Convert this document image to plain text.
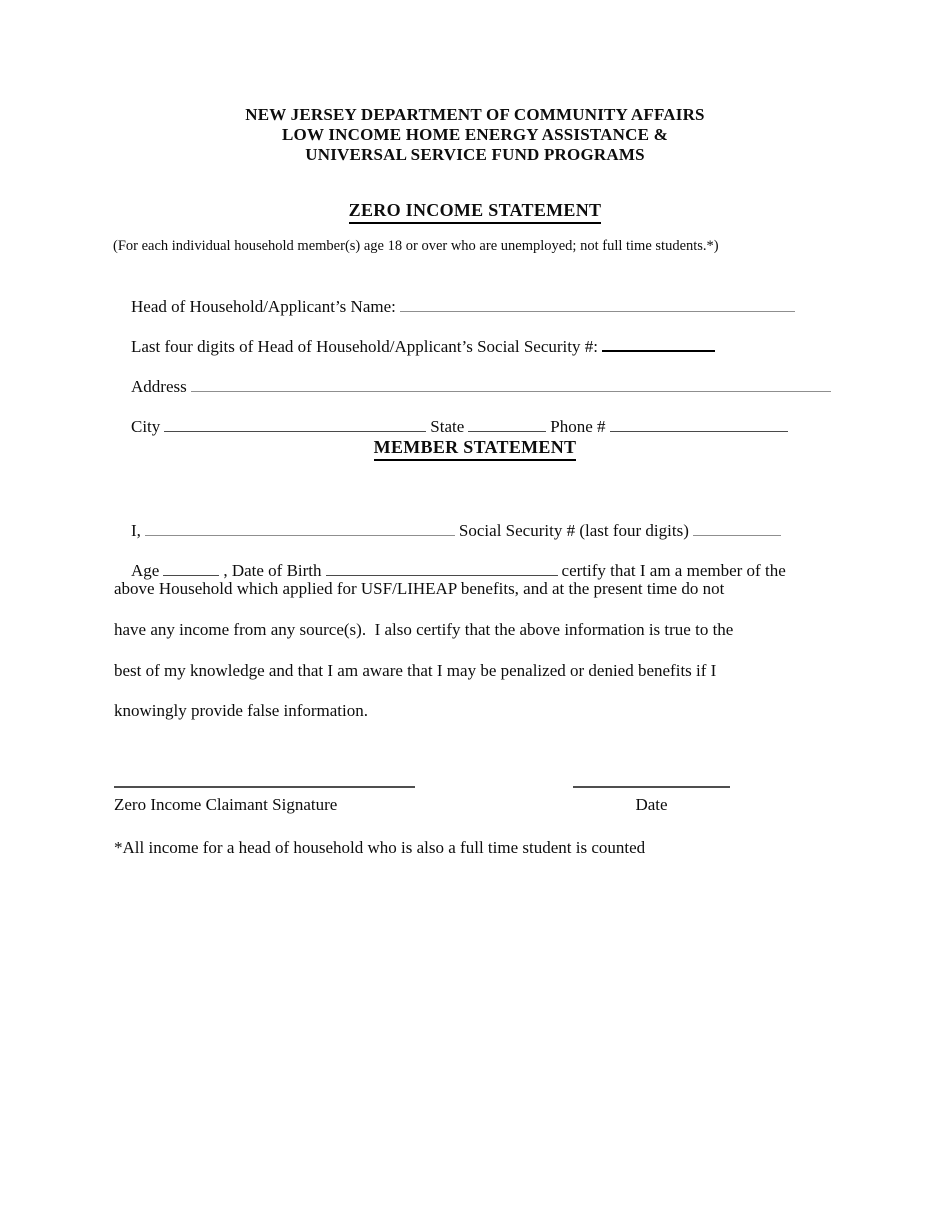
NEW JERSEY DEPARTMENT OF COMMUNITY AFFAIRS
LOW INCOME HOME ENERGY ASSISTANCE &
UNIVERSAL SERVICE FUND PROGRAMS
ZERO INCOME STATEMENT
(For each individual household member(s) age 18 or over who are unemployed; not full time students.*)

Head of Household/Applicant’s Name:

Last four digits of Head of Household/Applicant’s Social Security #:

Address

City	State	Phone #

MEMBER STATEMENT

I,	Social Security # (last four digits)

Age	, Date of Birth	certify that I am a member of the

above Household which applied for USF/LIHEAP benefits, and at the present time do not
have any income from any source(s).  I also certify that the above information is true to the
best of my knowledge and that I am aware that I may be penalized or denied benefits if I
knowingly provide false information.
Zero Income Claimant Signature	Date
*All income for a head of household who is also a full time student is counted
